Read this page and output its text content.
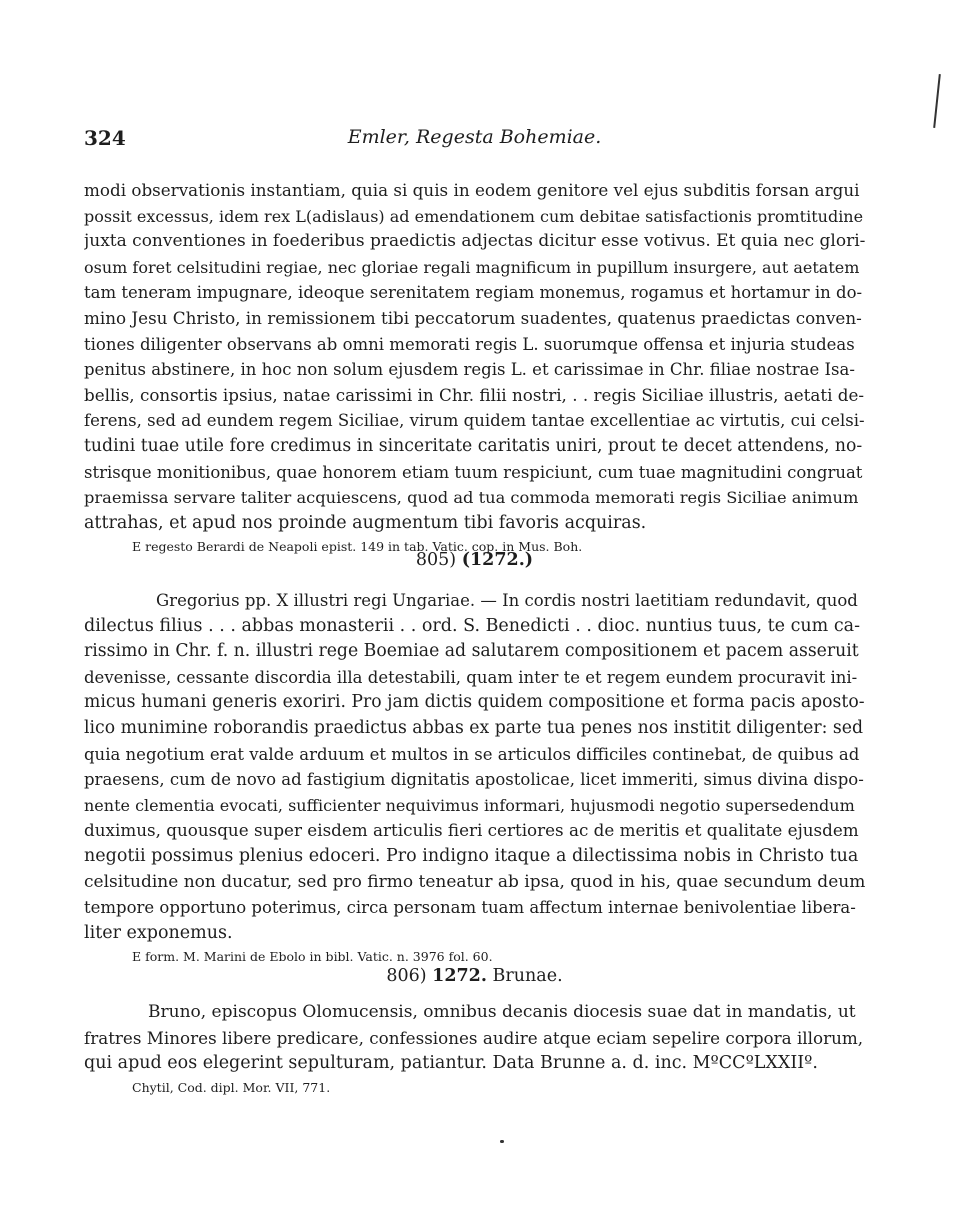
324	Emler, Regesta Bohemiae.
modi observationis instantiam, quia si quis in eodem genitore vel ejus subditis forsan argui
possit excessus, idem rex L(adislaus) ad emendationem cum debitae satisfactionis promtitudine
juxta conventiones in foederibus praedictis adjectas dicitur esse votivus. Et quia nec glori-
osum foret celsitudini regiae, nec gloriae regali magnificum in pupillum insurgere, aut aetatem
tam teneram impugnare, ideoque serenitatem regiam monemus, rogamus et hortamur in do-
mino Jesu Christo, in remissionem tibi peccatorum suadentes, quatenus praedictas conven-
tiones diligenter observans ab omni memorati regis L. suorumque offensa et injuria studeas
penitus abstinere, in hoc non solum ejusdem regis L. et carissimae in Chr. filiae nostrae Isa-
bellis, consortis ipsius, natae carissimi in Chr. filii nostri, . . regis Siciliae illustris, aetati de-
ferens, sed ad eundem regem Siciliae, virum quidem tantae excellentiae ac virtutis, cui celsi-
tudini tuae utile fore credimus in sinceritate caritatis uniri, prout te decet attendens, no-
strisque monitionibus, quae honorem etiam tuum respiciunt, cum tuae magnitudini congruat
praemissa servare taliter acquiescens, quod ad tua commoda memorati regis Siciliae animum
attrahas, et apud nos proinde augmentum tibi favoris acquiras.
E regesto Berardi de Neapoli epist. 149 in tab. Vatic. cop. in Mus. Boh.
805) (1272.)
Gregorius pp. X illustri regi Ungariae. — In cordis nostri laetitiam redundavit, quod
dilectus filius . . . abbas monasterii . . ord. S. Benedicti . . dioc. nuntius tuus, te cum ca-
rissimo in Chr. f. n. illustri rege Boemiae ad salutarem compositionem et pacem asseruit
devenisse, cessante discordia illa detestabili, quam inter te et regem eundem procuravit ini-
micus humani generis exoriri. Pro jam dictis quidem compositione et forma pacis aposto-
lico munimine roborandis praedictus abbas ex parte tua penes nos institit diligenter: sed
quia negotium erat valde arduum et multos in se articulos difficiles continebat, de quibus ad
praesens, cum de novo ad fastigium dignitatis apostolicae, licet immeriti, simus divina dispo-
nente clementia evocati, sufficienter nequivimus informari, hujusmodi negotio supersedendum
duximus, quousque super eisdem articulis fieri certiores ac de meritis et qualitate ejusdem
negotii possimus plenius edoceri. Pro indigno itaque a dilectissima nobis in Christo tua
celsitudine non ducatur, sed pro firmo teneatur ab ipsa, quod in his, quae secundum deum
tempore opportuno poterimus, circa personam tuam affectum internae benivolentiae libera-
liter exponemus.
E form. M. Marini de Ebolo in bibl. Vatic. n. 3976 fol. 60.
806) 1272. Brunae.
Bruno, episcopus Olomucensis, omnibus decanis diocesis suae dat in mandatis, ut
fratres Minores libere predicare, confessiones audire atque eciam sepelire corpora illorum,
qui apud eos elegerint sepulturam, patiantur. Data Brunne a. d. inc. MºCCºLXXIIº.
Chytil, Cod. dipl. Mor. VII, 771.
